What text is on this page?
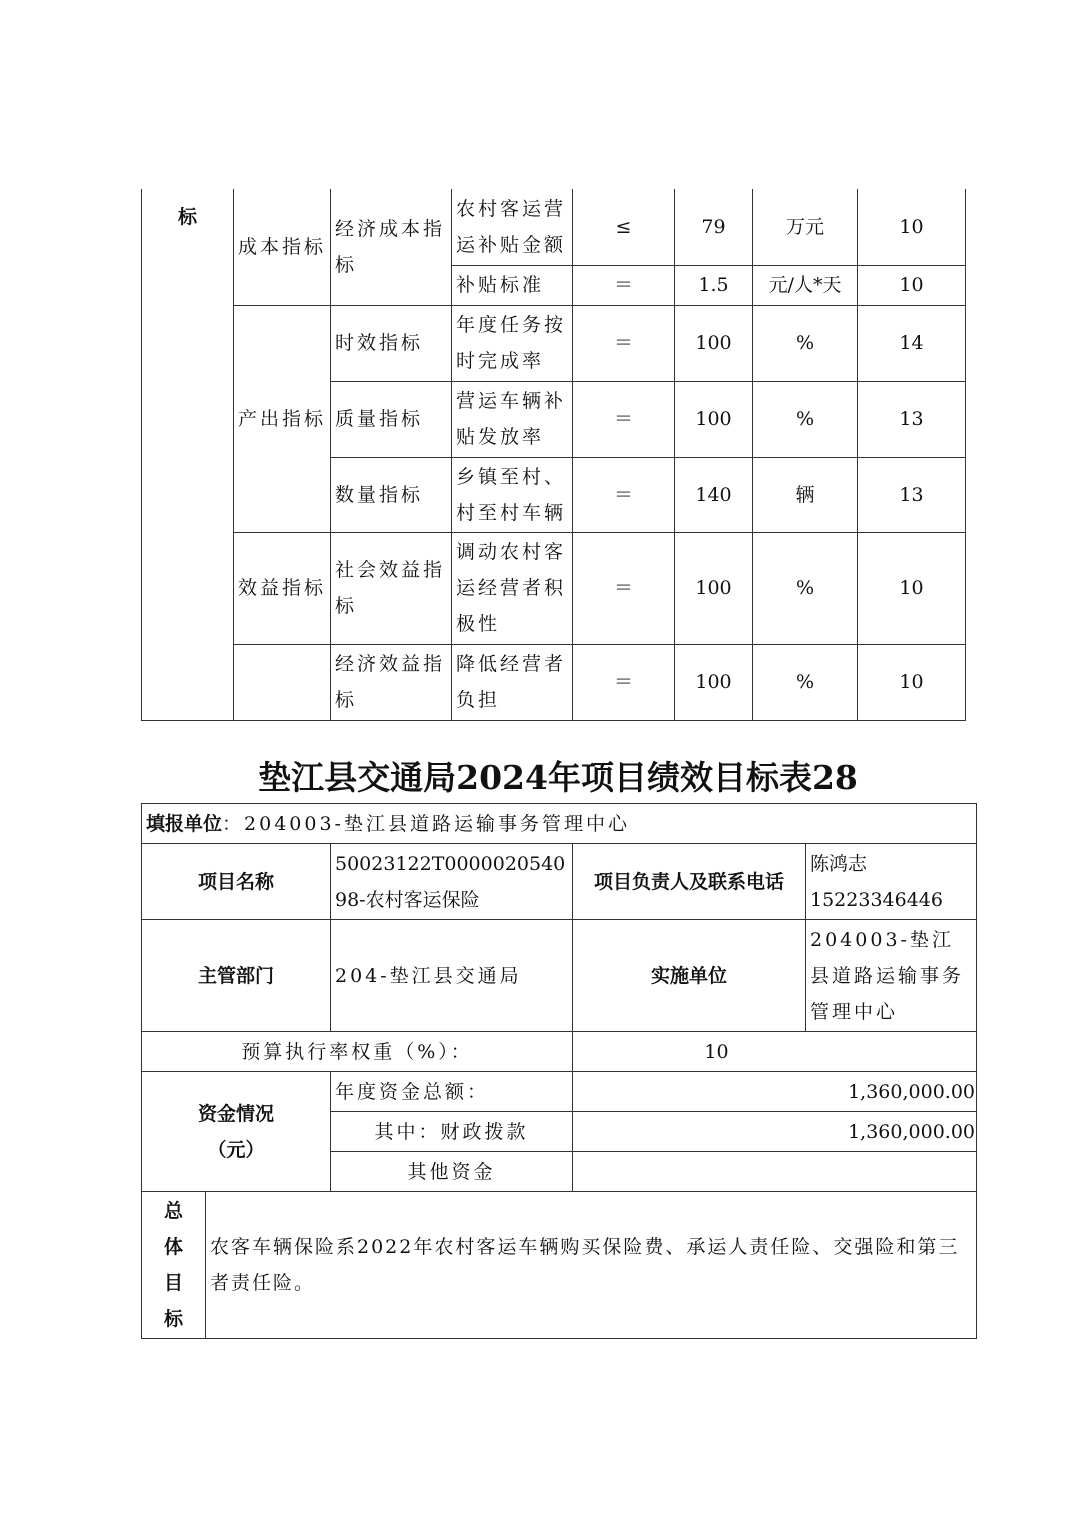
标	成本指标	经济成本指标	农村客运营运补贴金额	≤	79	万元	10
			补贴标准	＝	1.5	元/人*天	10
	产出指标	时效指标	年度任务按时完成率	＝	100	%	14
		质量指标	营运车辆补贴发放率	＝	100	%	13
		数量指标	乡镇至村、村至村车辆	＝	140	辆	13
	效益指标	社会效益指标	调动农村客运经营者积极性	＝	100	%	10
		经济效益指标	降低经营者负担	＝	100	%	10
垫江县交通局2024年项目绩效目标表28
填报单位：204003-垫江县道路运输事务管理中心				
项目名称		50023122T000002054098-农村客运保险	项目负责人及联系电话	陈鸿志
15223346446

主管部门		204-垫江县交通局	实施单位	204003-垫江县道路运输事务管理中心
预算执行率权重（%）：			10	

资金情况
（元）		年度资金总额：	1,360,000.00	
		其中：财政拨款	1,360,000.00	
		其他资金		

总
体
目
标	农客车辆保险系2022年农村客运车辆购买保险费、承运人责任险、交强险和第三者责任险。			
